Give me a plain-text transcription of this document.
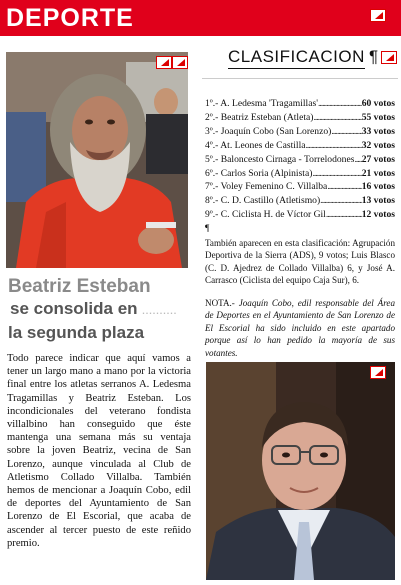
DEPORTE
Beatriz Esteban
se consolida en ..........
la segunda plaza
Todo parece indicar que aquí vamos a tener un largo mano a mano por la victoria final entre los atletas serranos A. Ledesma Tragamillas y Beatriz Esteban. Los incondicionales del veterano fondista villalbino han conseguido que éste mantenga una semana más su ventaja sobre la joven Beatriz, vecina de San Lorenzo, aunque vinculada al Club de Atletismo Collado Villalba. También hemos de mencionar a Joaquín Cobo, edil de deportes del Ayuntamiento de San Lorenzo de El Escorial, que acaba de ascender al tercer puesto de este reñido premio.
CLASIFICACION ¶
1º.- A. Ledesma 'Tragamillas' .....	60 votos
2º.- Beatriz Esteban (Atleta) .....	55 votos
3º.- Joaquín Cobo (San Lorenzo) .....	33 votos
4º.- At. Leones de Castilla .....	32 votos
5º.- Baloncesto Cirnaga - Torrelodones ..... 27 votos
6º.- Carlos Soria (Alpinista) .....	21 votos
7º.- Voley Femenino C. Villalba .....	16 votos
8º.- C. D. Castillo (Atletismo) .....	13 votos
9º.- C. Ciclista H. de Víctor Gil .....	12 votos
¶
También aparecen en esta clasificación: Agrupación Deportiva de la Sierra (ADS), 9 votos; Luis Blasco (C. D. Ajedrez de Collado Villalba) 6, y José A. Carrasco (Ciclista del equipo Caja Sur), 6.
NOTA.- Joaquín Cobo, edil responsable del Área de Deportes en el Ayuntamiento de San Lorenzo de El Escorial ha sido incluido en este apartado porque así lo han pedido la mayoría de sus votantes.
